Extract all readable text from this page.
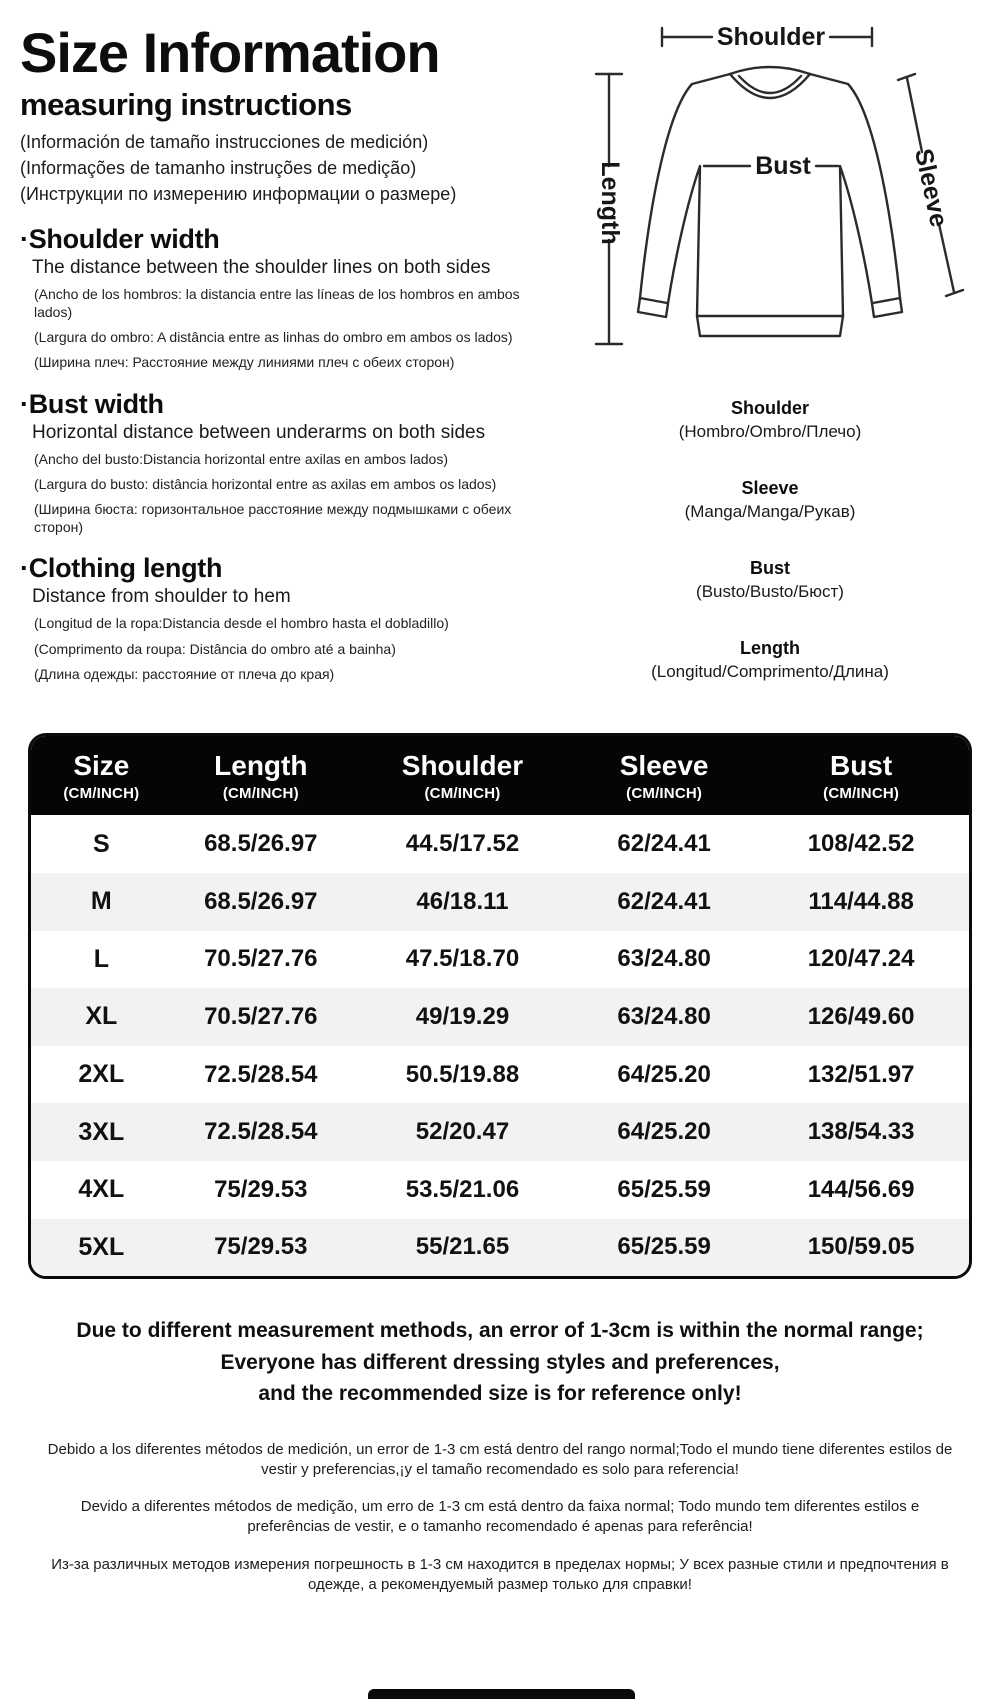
Size Information
measuring instructions

(Información de tamaño instrucciones de medición)

(Informações de tamanho instruções de medição)

(Инструкции по измерению информации о размере)

·Shoulder width

The distance between the shoulder lines on both sides

(Ancho de los hombros: la distancia entre las líneas de los hombros en ambos lados)

(Largura do ombro: A distância entre as linhas do ombro em ambos os lados)

(Ширина плеч: Расстояние между линиями плеч с обеих сторон)

·Bust width

Horizontal distance between underarms on both sides

(Ancho del busto:Distancia horizontal entre axilas en ambos lados)

(Largura do busto: distância horizontal entre as axilas em ambos os lados)

(Ширина бюста: горизонтальное расстояние между подмышками с обеих сторон)

·Clothing length

Distance from shoulder to hem

(Longitud de la ropa:Distancia desde el hombro hasta el dobladillo)

(Comprimento da roupa: Distância do ombro até a bainha)

(Длина одежды: расстояние от плеча до края)

Shoulder
Length	Bust	Sleeve
Shoulder
(Hombro/Ombro/Плечо)
Sleeve
(Manga/Manga/Рукав)
Bust
(Busto/Busto/Бюст)
Length
(Longitud/Comprimento/Длина)
Size
(CM/INCH)
Length
(CM/INCH)
Shoulder
(CM/INCH)
Sleeve
(CM/INCH)
Bust
(CM/INCH)
S	68.5/26.97	44.5/17.52	62/24.41	108/42.52
M	68.5/26.97	46/18.11	62/24.41	114/44.88
L	70.5/27.76	47.5/18.70	63/24.80	120/47.24
XL	70.5/27.76	49/19.29	63/24.80	126/49.60
2XL	72.5/28.54	50.5/19.88	64/25.20	132/51.97
3XL	72.5/28.54	52/20.47	64/25.20	138/54.33
4XL	75/29.53	53.5/21.06	65/25.59	144/56.69
5XL	75/29.53	55/21.65	65/25.59	150/59.05
Due to different measurement methods, an error of 1-3cm is within the normal range;
Everyone has different dressing styles and preferences,
and the recommended size is for reference only!

Debido a los diferentes métodos de medición, un error de 1-3 cm está dentro del rango normal;Todo el mundo tiene diferentes estilos de vestir y preferencias,¡y el tamaño recomendado es solo para referencia!

Devido a diferentes métodos de medição, um erro de 1-3 cm está dentro da faixa normal; Todo mundo tem diferentes estilos e preferências de vestir, e o tamanho recomendado é apenas para referência!

Из-за различных методов измерения погрешность в 1-3 см находится в пределах нормы; У всех разные стили и предпочтения в одежде, а рекомендуемый размер только для справки!
